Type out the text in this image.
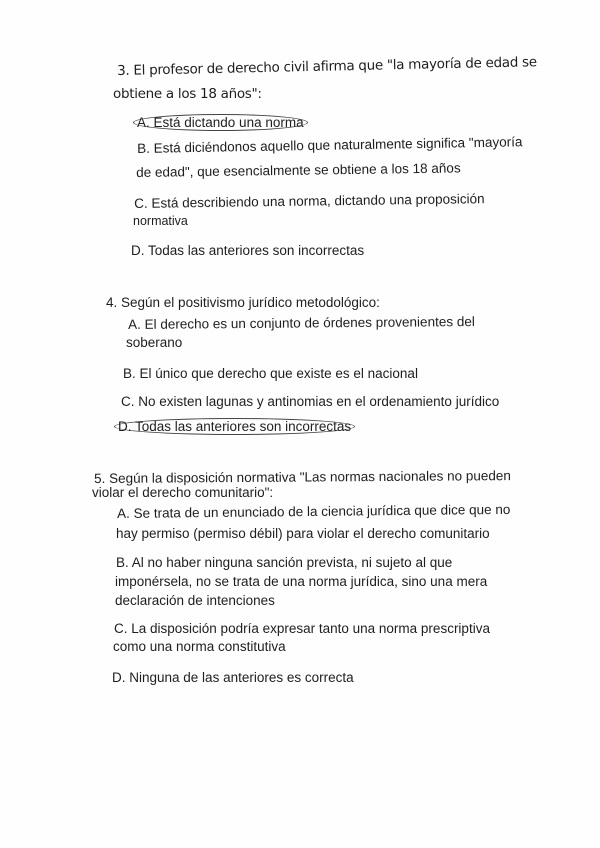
3. El profesor de derecho civil afirma que "la mayoría de edad se

obtiene a los 18 años":

A. Está dictando una norma

B. Está diciéndonos aquello que naturalmente significa "mayoría

de edad", que esencialmente se obtiene a los 18 años

C. Está describiendo una norma, dictando una proposición

normativa

D. Todas las anteriores son incorrectas

4. Según el positivismo jurídico metodológico:

A. El derecho es un conjunto de órdenes provenientes del

soberano

B. El único que derecho que existe es el nacional

C. No existen lagunas y antinomias en el ordenamiento jurídico

D. Todas las anteriores son incorrectas

5. Según la disposición normativa "Las normas nacionales no pueden

violar el derecho comunitario":

A. Se trata de un enunciado de la ciencia jurídica que dice que no

hay permiso (permiso débil) para violar el derecho comunitario

B. Al no haber ninguna sanción prevista, ni sujeto al que

imponérsela, no se trata de una norma jurídica, sino una mera

declaración de intenciones

C. La disposición podría expresar tanto una norma prescriptiva

como una norma constitutiva

D. Ninguna de las anteriores es correcta
